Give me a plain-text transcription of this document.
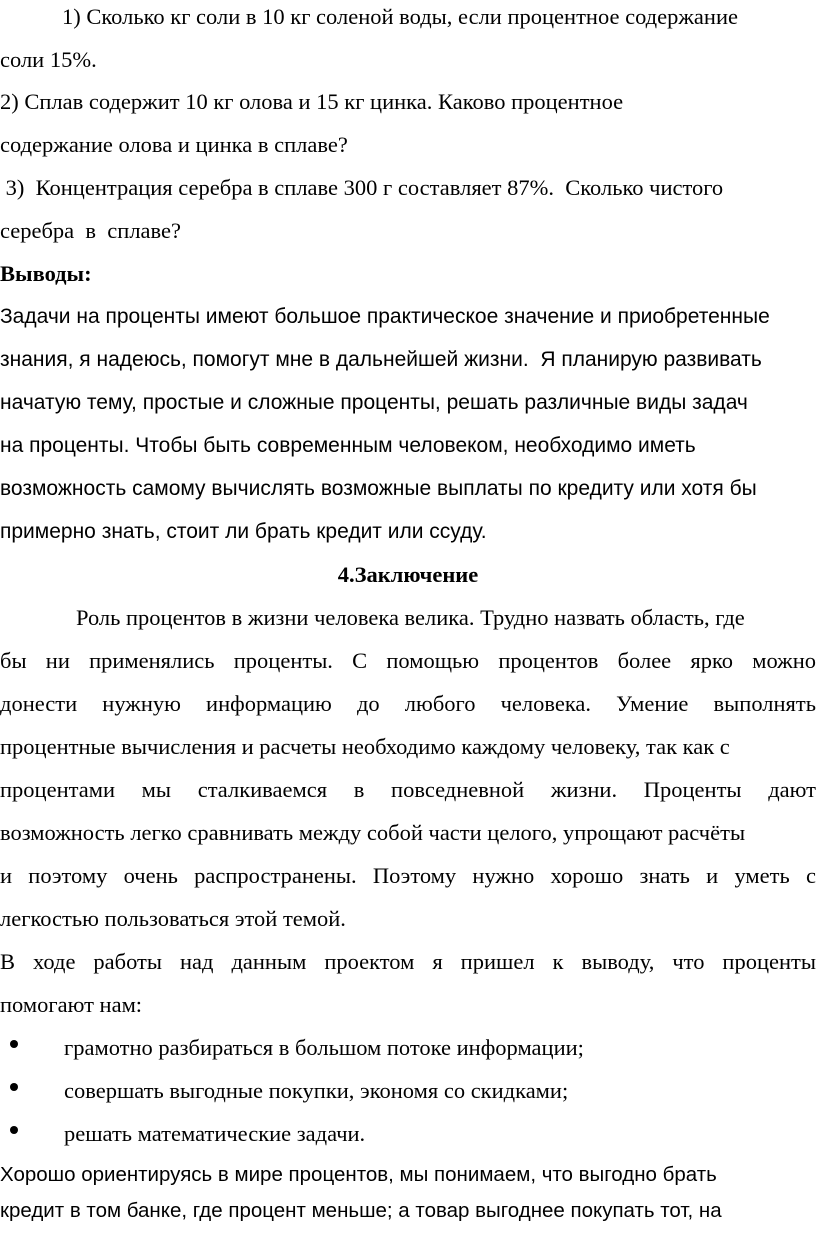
1) Сколько кг соли в 10 кг соленой воды, если процентное содержание
соли 15%.
2) Сплав содержит 10 кг олова и 15 кг цинка. Каково процентное
содержание олова и цинка в сплаве?
3)  Концентрация серебра в сплаве 300 г составляет 87%.  Сколько чистого
серебра  в  сплаве?
Выводы:
Задачи на проценты имеют большое практическое значение и приобретенные
знания, я надеюсь, помогут мне в дальнейшей жизни.  Я планирую развивать
начатую тему, простые и сложные проценты, решать различные виды задач
на проценты. Чтобы быть современным человеком, необходимо иметь
возможность самому вычислять возможные выплаты по кредиту или хотя бы
примерно знать, стоит ли брать кредит или ссуду.
4.Заключение
Роль процентов в жизни человека велика. Трудно назвать область, где
бы ни применялись проценты. С помощью процентов более ярко можно
донести нужную информацию до любого человека. Умение выполнять
процентные вычисления и расчеты необходимо каждому человеку, так как с
процентами мы сталкиваемся в повседневной жизни. Проценты дают
возможность легко сравнивать между собой части целого, упрощают расчёты
и поэтому очень распространены. Поэтому нужно хорошо знать и уметь с
легкостью пользоваться этой темой.
В ходе работы над данным проектом я пришел к выводу, что проценты
помогают нам:
грамотно разбираться в большом потоке информации;
совершать выгодные покупки, экономя со скидками;
решать математические задачи.
Хорошо ориентируясь в мире процентов, мы понимаем, что выгодно брать
кредит в том банке, где процент меньше; а товар выгоднее покупать тот, на
